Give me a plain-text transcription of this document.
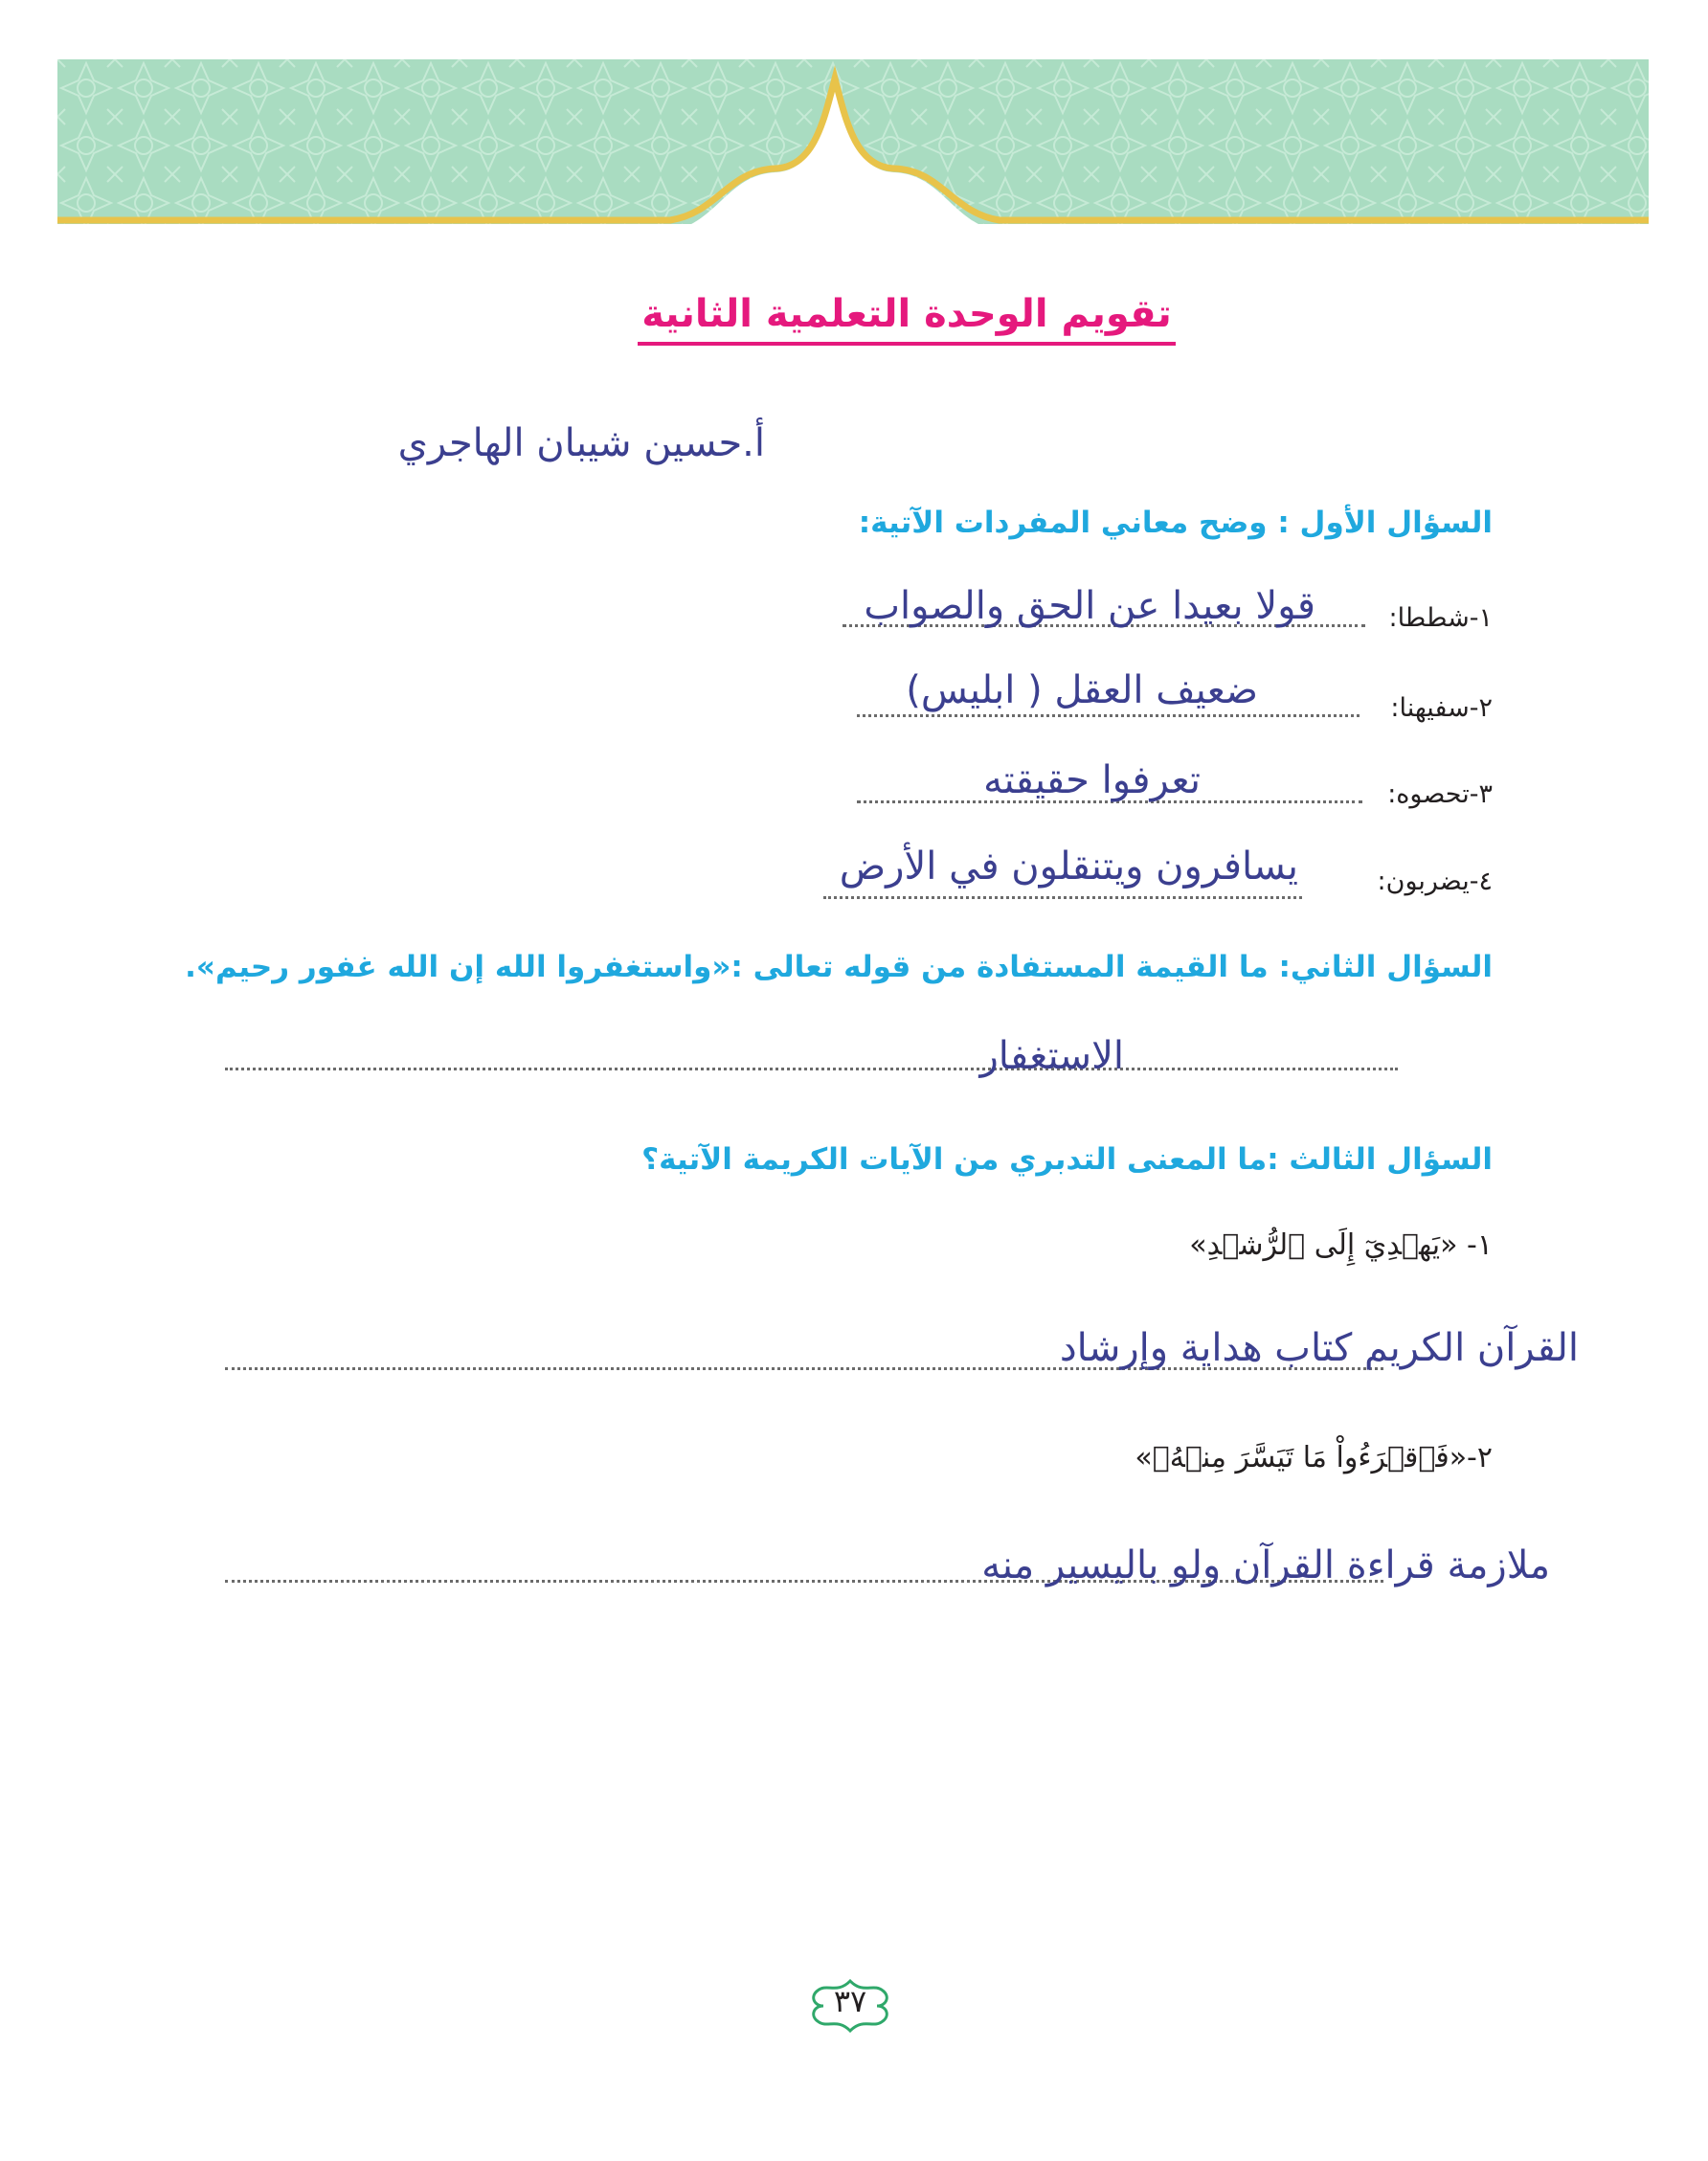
تقويم الوحدة التعلمية الثانية
أ.حسين شيبان الهاجري
السؤال الأول : وضح معاني المفردات الآتية:
١-شططا:
قولا بعيدا عن الحق والصواب
٢-سفيهنا:
ضعيف العقل ( ابليس)
٣-تحصوه:
تعرفوا حقيقته
٤-يضربون:
يسافرون ويتنقلون في الأرض
السؤال الثاني: ما القيمة المستفادة من قوله تعالى :«واستغفروا الله إن الله غفور رحيم».
الاستغفار
السؤال الثالث :ما المعنى التدبري من الآيات الكريمة الآتية؟
١- «يَهۡدِيٓ إِلَى ٱلرُّشۡدِ»
القرآن الكريم كتاب هداية وإرشاد
٢-«فَٱقۡرَءُواْ مَا تَيَسَّرَ مِنۡهُۚ»
ملازمة قراءة القرآن ولو باليسير منه
٣٧
